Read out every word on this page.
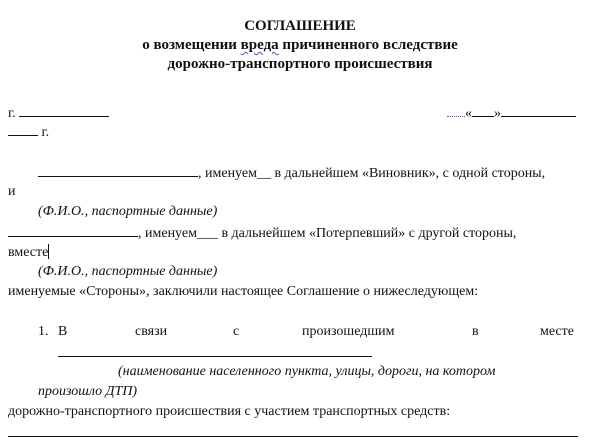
СОГЛАШЕНИЕ
о возмещении вреда причиненного вследствие
дорожно-транспортного происшествия
г.	« »
г.
, именуем__ в дальнейшем «Виновник», с одной стороны,
и
(Ф.И.О., паспортные данные)
, именуем___ в дальнейшем «Потерпевший» с другой стороны,
вместе
(Ф.И.О., паспортные данные)
именуемые «Стороны», заключили настоящее Соглашение о нижеследующем:
1. В	связи	с	произошедшим	в	месте
(наименование населенного пункта, улицы, дороги, на котором
произошло ДТП)
дорожно-транспортного происшествия с участием транспортных средств:
